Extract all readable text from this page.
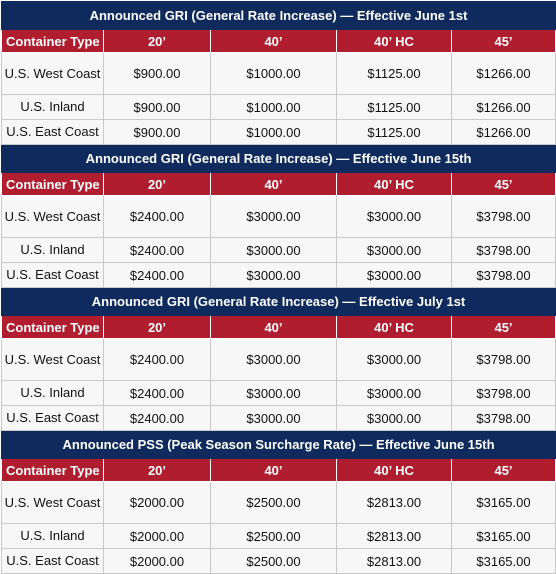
Announced GRI (General Rate Increase) — Effective June 1st				
Container Type	20’	40’	40’ HC	45’
U.S. West Coast	$900.00	$1000.00	$1125.00	$1266.00
U.S. Inland	$900.00	$1000.00	$1125.00	$1266.00
U.S. East Coast	$900.00	$1000.00	$1125.00	$1266.00
Announced GRI (General Rate Increase) — Effective June 15th				
Container Type	20’	40’	40’ HC	45’
U.S. West Coast	$2400.00	$3000.00	$3000.00	$3798.00
U.S. Inland	$2400.00	$3000.00	$3000.00	$3798.00
U.S. East Coast	$2400.00	$3000.00	$3000.00	$3798.00
Announced GRI (General Rate Increase) — Effective July 1st				
Container Type	20’	40’	40’ HC	45’
U.S. West Coast	$2400.00	$3000.00	$3000.00	$3798.00
U.S. Inland	$2400.00	$3000.00	$3000.00	$3798.00
U.S. East Coast	$2400.00	$3000.00	$3000.00	$3798.00
Announced PSS (Peak Season Surcharge Rate) — Effective June 15th				
Container Type	20’	40’	40’ HC	45’
U.S. West Coast	$2000.00	$2500.00	$2813.00	$3165.00
U.S. Inland	$2000.00	$2500.00	$2813.00	$3165.00
U.S. East Coast	$2000.00	$2500.00	$2813.00	$3165.00
